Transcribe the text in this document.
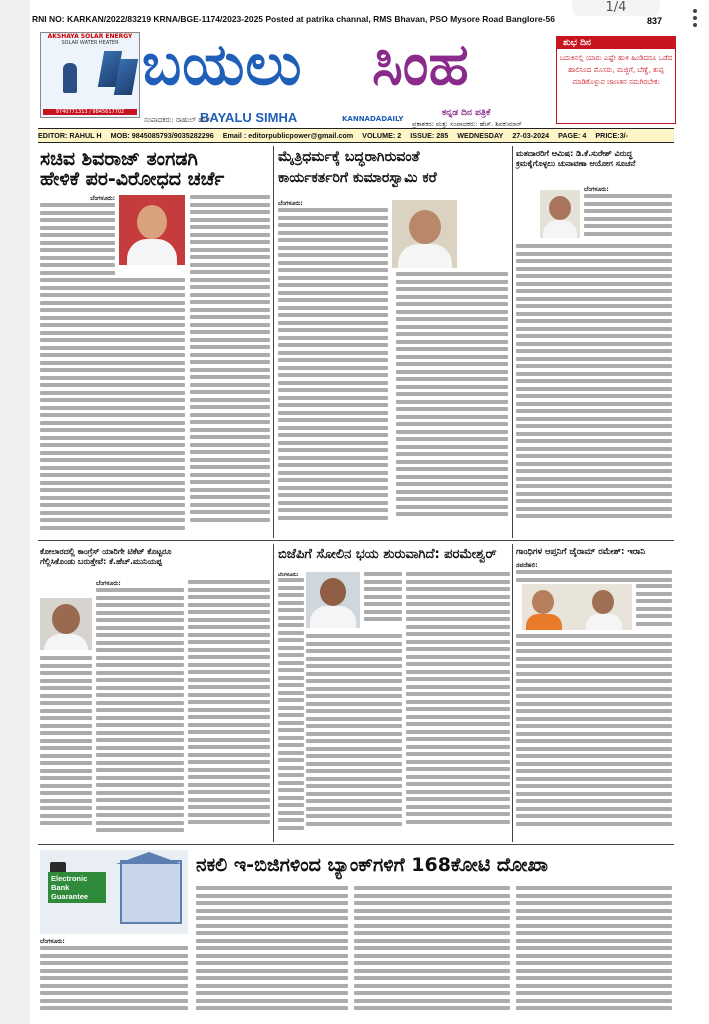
1/4
RNI NO: KARKAN/2022/83219 KRNA/BGE-1174/2023-2025 Posted at patrika channal, RMS Bhavan, PSO Mysore Road Banglore-56	837
AKSHAYA SOLAR ENERGY
SOLAR WATER HEATER
9740771313 / 9845617702
ಬಯಲು ಸಿಂಹ
BAYALU SIMHA	KANNADADAILY
ಕನ್ನಡ ದಿನ ಪತ್ರಿಕೆ
ಸಂಪಾದಕರು: ರಾಹುಲ್ ಹೆಚ್	ಪ್ರಕಾಶಕರು ಮತ್ತು ಸಂಪಾದಕರು: ಹೆಚ್. ಶಿವಕುಮಾರ್
ಶುಭ ದಿನ
ಬದುಕಿನಲ್ಲಿ ಯಾರು ಎಷ್ಟೇ ಹುಳಿ ಹಿಂಡಿದರೂ ಒಡೆದ ಹಾಲಿನಿಂದ ಮೊಸರು, ಮಜ್ಜಿಗೆ, ಬೆಣ್ಣೆ, ತುಪ್ಪ ಮಾಡಿಕೊಳ್ಳುವ ಜಾಣತನ ನಮಗಿರಬೇಕು
EDITOR: RAHUL H MOB: 9845085793/9035282296 Email : editorpublicpower@gmail.com VOLUME: 2 ISSUE: 285 WEDNESDAY 27-03-2024 PAGE: 4 PRICE:3/-
ಸಚಿವ ಶಿವರಾಜ್ ತಂಗಡಗಿ
ಹೇಳಿಕೆ ಪರ-ವಿರೋಧದ ಚರ್ಚೆ
ಬೆಂಗಳೂರು:
ಮೈತ್ರಿಧರ್ಮಕ್ಕೆ ಬದ್ಧರಾಗಿರುವಂತೆ
ಕಾರ್ಯಕರ್ತರಿಗೆ ಕುಮಾರಸ್ವಾಮಿ ಕರೆ
ಬೆಂಗಳೂರು:
ಮತದಾರರಿಗೆ ಆಮಿಷ: ಡಿ.ಕೆ.ಸುರೇಶ್ ವಿರುದ್ಧ
ಕ್ರಮಕೈಗೊಳ್ಳಲು ಚುನಾವಣಾ ಆಯೋಗ ಸೂಚನೆ
ಬೆಂಗಳೂರು:
ಕೋಲಾರದಲ್ಲಿ ಕಾಂಗ್ರೆಸ್ ಯಾರಿಗೇ ಟಿಕೆಟ್ ಕೊಟ್ಟರೂ
ಗೆಲ್ಲಿಸಿಕೊಂಡು ಬರುತ್ತೇವೆ: ಕೆ.ಹೆಚ್.ಮುನಿಯಪ್ಪ
ಬೆಂಗಳೂರು:
ಬಿಜೆಪಿಗೆ ಸೋಲಿನ ಭಯ ಶುರುವಾಗಿದೆ: ಪರಮೇಶ್ವರ್
ಬೆಂಗಳೂರು:
ಗಾಂಧಿಗಳ ಆಪ್ತನಿಗೆ ಜೈರಾಮ್ ರಮೇಶ್: ಇರಾನಿ
ನವದೆಹಲಿ:
Electronic Bank Guarantee
ನಕಲಿ ಇ-ಬಿಜಿಗಳಿಂದ ಬ್ಯಾಂಕ್‌ಗಳಿಗೆ 168ಕೋಟಿ ದೋಖಾ
ಬೆಂಗಳೂರು:
